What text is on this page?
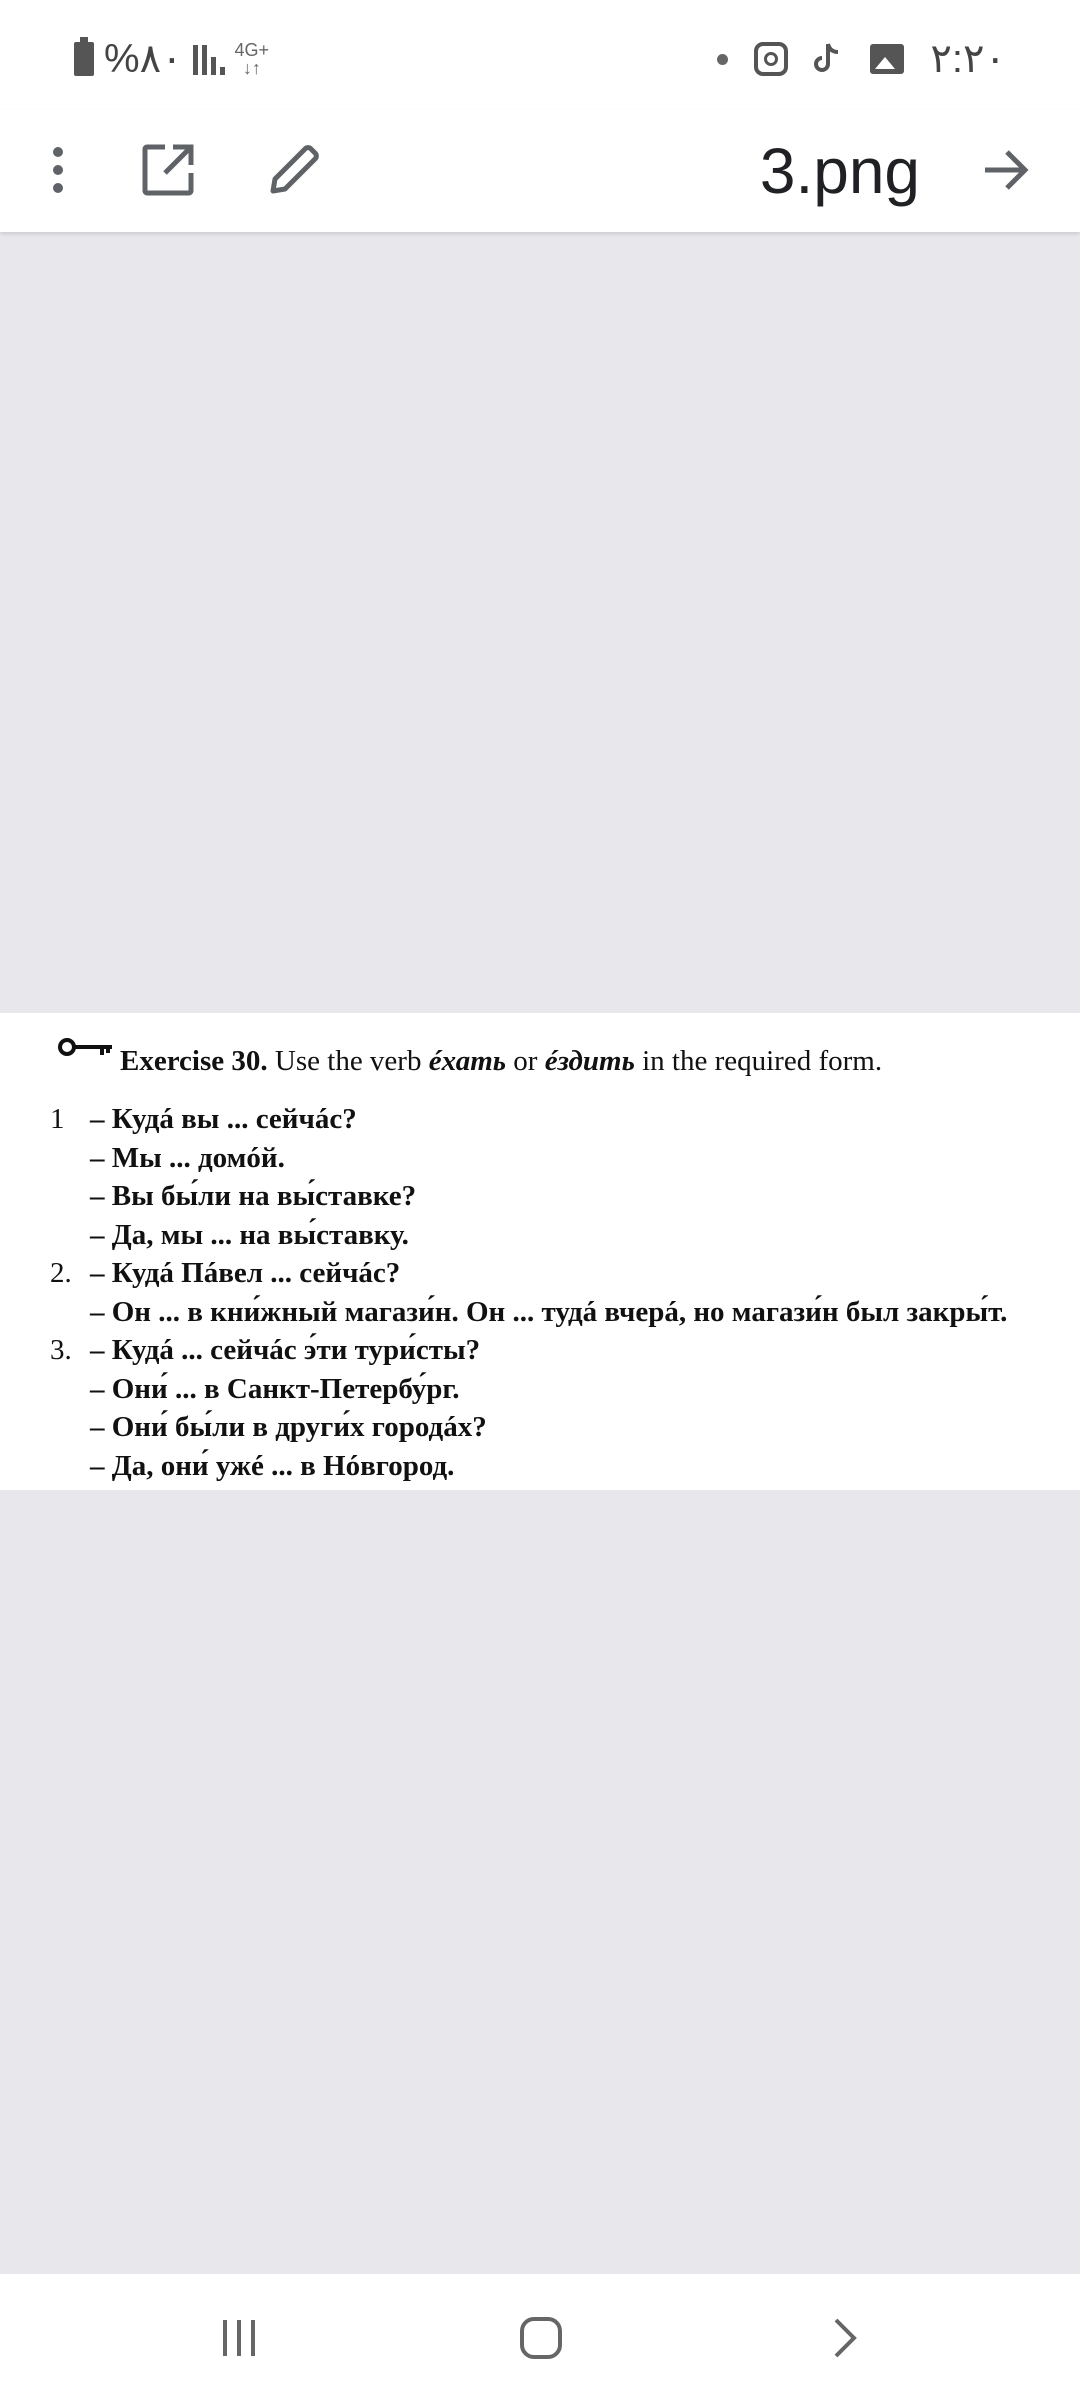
%٨٠	4G+
↓↑	٢:٢٠
3.png
Exercise 30. Use the verb éхать or éздить in the required form.
1 – Кудá вы ... сейчáс?
– Мы ... домóй.
– Вы бы́ли на вы́ставке?
– Да, мы ... на вы́ставку.
2. – Кудá Пáвел ... сейчáс?
– Он ... в кни́жный магази́н. Он ... тудá вчерá, но магази́н был закры́т.
3. – Кудá ... сейчáс э́ти тури́сты?
– Они́ ... в Санкт-Петербу́рг.
– Они́ бы́ли в други́х городáх?
– Да, они́ ужé ... в Нóвгород.
